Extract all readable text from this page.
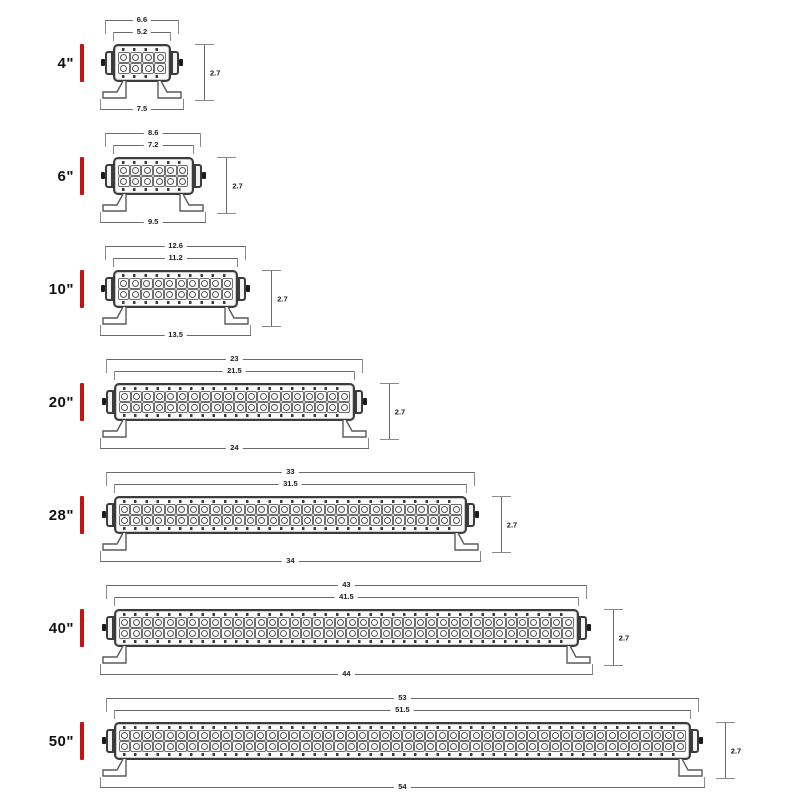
4"
6.6
5.2
7.5
2.7
6"
8.6
7.2
9.5
2.7
10"
12.6
11.2
13.5
2.7
20"
23
21.5
24
2.7
28"
33
31.5
34
2.7
40"
43
41.5
44
2.7
50"
53
51.5
54
2.7
